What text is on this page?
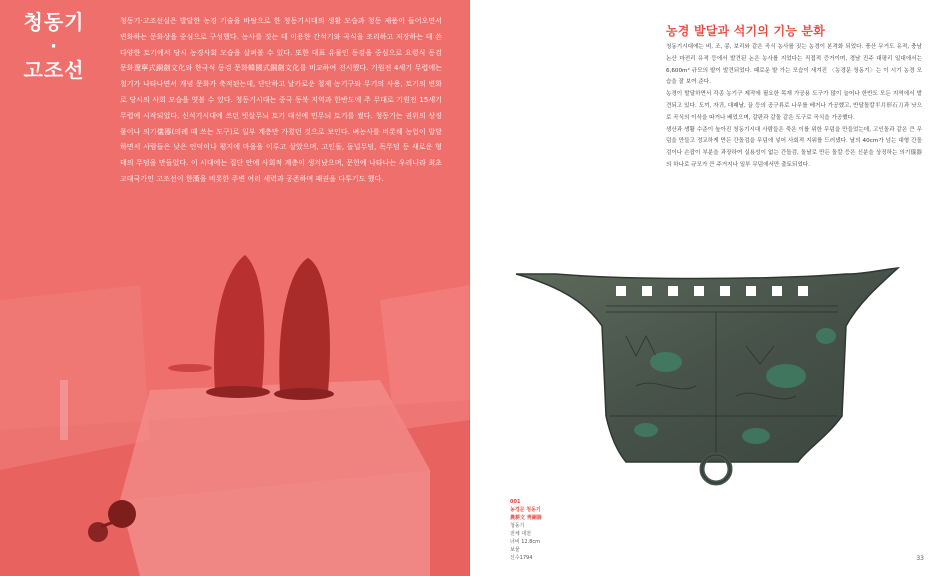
청동기
·
고조선

청동기·고조선실은 발달한 농경 기술을 바탕으로 한 청동기시대의 생활 모습과 청동 제품이 들어오면서 변화하는 문화상을 중심으로 구성했다. 농사를 짓는 데 이용한 간석기와 곡식을 조리하고 저장하는 데 쓴 다양한 토기에서 당시 농경사회 모습을 살펴볼 수 있다. 또한 대표 유물인 동검을 중심으로 요령식 동검 문화遼寧式銅劍文化와 한국식 동검 문화韓國式銅劍文化를 비교하여 전시했다. 기원전 4세기 무렵에는 철기가 나타나면서 개념 문화가 축적된는데, 단단하고 날카로운 철제 농기구와 무기의 사용, 토기의 변화로 당시의 사회 모습을 엿볼 수 있다. 청동기시대는 중국 동북 지역과 한반도에 주 무대로 기원전 15세기 무렵에 시작되었다. 신석기시대에 쓰던 빗살무늬 토기 대신에 민무늬 토기를 썼다. 청동기는 권위의 상징물이나 의기儀器(의례 때 쓰는 도구)로 일부 계층만 가졌던 것으로 보인다. 벼농사를 비롯해 농업이 발달하면서 사람들은 낮은 언덕이나 평지에 마을을 이루고 살았으며, 고인돌, 돌널무덤, 독무덤 등 새로운 형태의 무덤을 만들었다. 이 시대에는 집단 안에 사회적 계층이 생겨났으며, 문헌에 나타나는 우리나라 최초 고대국가인 고조선이 한漢을 비롯한 주변 여러 세력과 공존하며 패권을 다투기도 했다.

농경 발달과 석기의 기능 분화

청동기시대에는 벼, 조, 콩, 보리와 같은 곡식 농사를 짓는 농경이 본격화 되었다. 풍산 무거도 유적, 충남 논산 마전리 유적 등에서 발견된 논은 농사를 지었다는 직접적 증거이며, 경남 진주 대평리 일대에서는 6,600m² 규모의 밭이 발견되었다. 때로운 밭 가는 모습이 새겨진 〈농경문 청동기〉는 이 시기 농경 모습을 잘 보여 준다.

농경이 발달하면서 각종 농기구 제작에 필요한 목재 가공용 도구가 많이 늘어나 한반도 모든 지역에서 발견되고 있다. 도끼, 자귀, 대패날, 끌 등의 공구류로 나무를 베거나 가공했고, 반달돌칼半月形石刀과 낫으로 곡식의 이삭을 따거나 베었으며, 갈판과 갈돌 같은 도구로 곡식을 가공했다.

생산과 생활 수준이 높아진 청동기시대 사람들은 죽은 이를 위한 무덤을 만들었는데, 고인돌과 같은 큰 무덤을 만들고 정교하게 만든 간돌검을 무덤에 넣어 사회적 지위를 드러냈다. 날의 40cm가 넘는 대형 간돌검이나 손잡이 부분을 과장하여 실용성이 없는 간돌검, 돌날로 만든 돌칼 등은 신분을 상징하는 의기儀器의 하나로 규모가 큰 주거지나 일부 무덤에서만 출토되었다.

001
농경문 청동기
農耕文 靑銅器
청동기
전체 대전
너비 12.8cm
보물
신수1794	33
